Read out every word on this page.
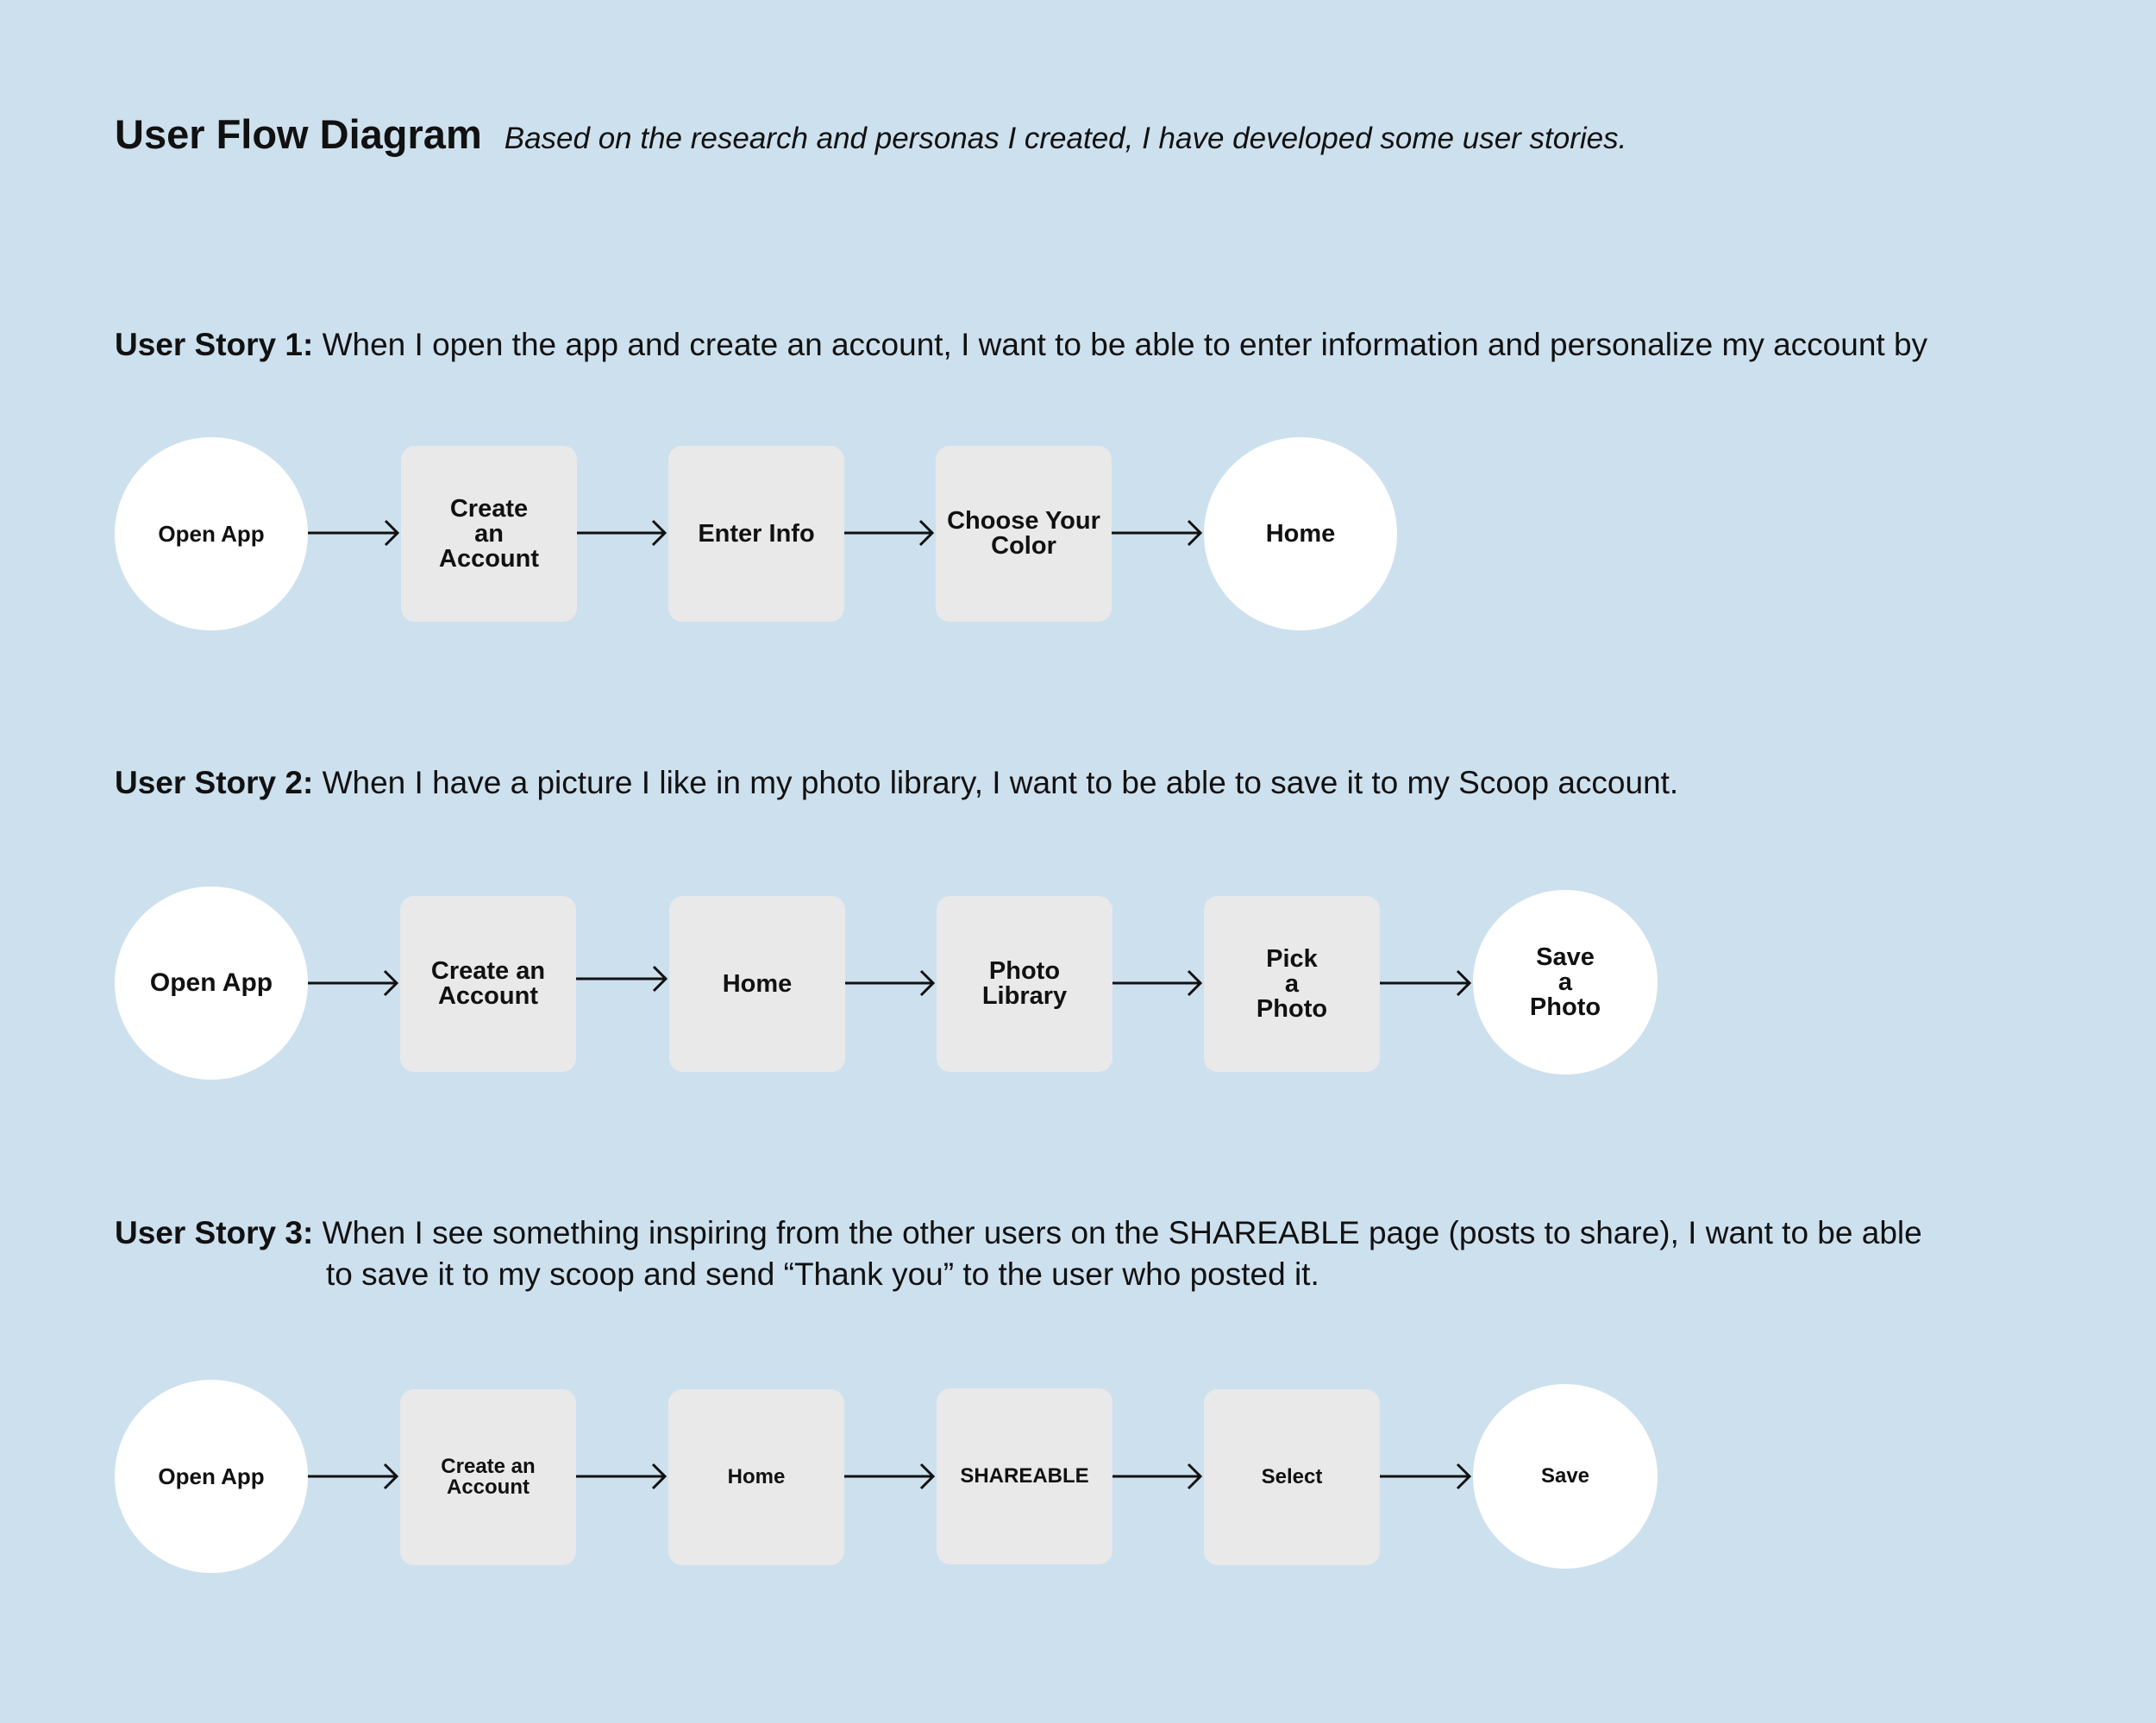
User Flow Diagram Based on the research and personas I created, I have developed some user stories.
User Story 1: When I open the app and create an account, I want to be able to enter information and personalize my account by
User Story 2: When I have a picture I like in my photo library, I want to be able to save it to my Scoop account.
User Story 3: When I see something inspiring from the other users on the SHAREABLE page (posts to share), I want to be able
to save it to my scoop and send “Thank you” to the user who posted it.
Open App
Create
an
Account
Enter Info	Choose Your
Color	Home
Open App	Create an
Account	Home	Photo
Library
Pick
a
Photo
Save
a
Photo
Open App	Create an
Account	Home	SHAREABLE	Select	Save
